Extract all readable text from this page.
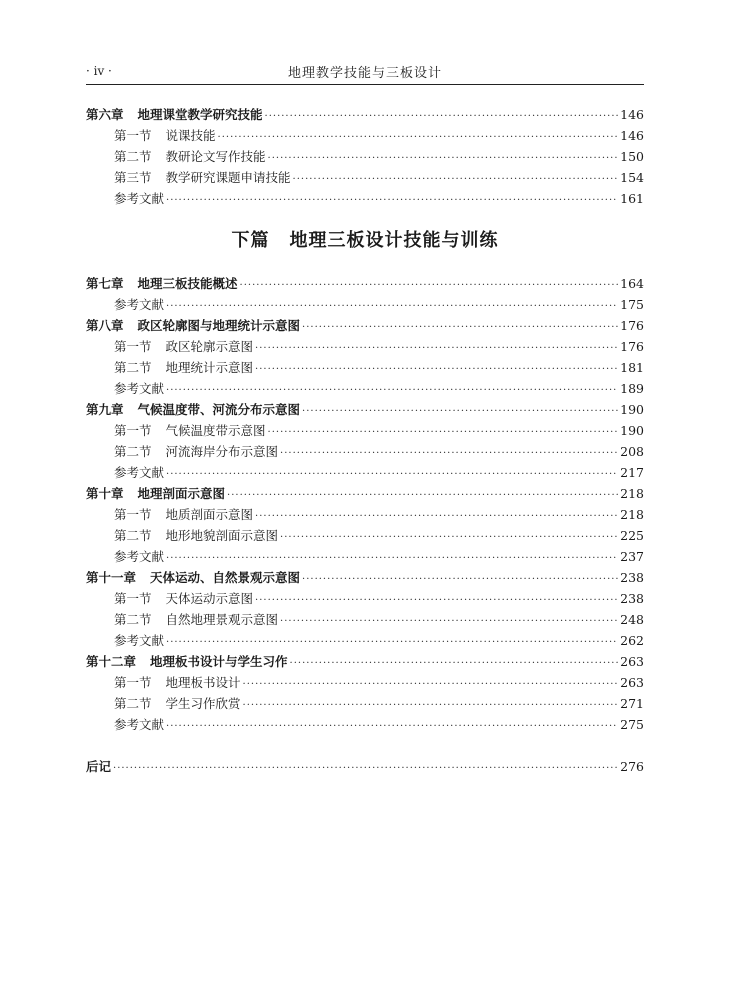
· iv ·	地理教学技能与三板设计
第六章 地理课堂教学研究技能 ·····	146
第一节 说课技能 ·····	146
第二节 教研论文写作技能 ·····	150
第三节 教学研究课题申请技能 ·····	154
参考文献 ·····	161
下篇 地理三板设计技能与训练
第七章 地理三板技能概述 ·····	164
参考文献 ·····	175
第八章 政区轮廓图与地理统计示意图 ·····	176
第一节 政区轮廓示意图 ·····	176
第二节 地理统计示意图 ·····	181
参考文献 ·····	189
第九章 气候温度带、河流分布示意图 ·····	190
第一节 气候温度带示意图 ·····	190
第二节 河流海岸分布示意图 ·····	208
参考文献 ·····	217
第十章 地理剖面示意图 ·····	218
第一节 地质剖面示意图 ·····	218
第二节 地形地貌剖面示意图 ·····	225
参考文献 ·····	237
第十一章 天体运动、自然景观示意图 ·····	238
第一节 天体运动示意图 ·····	238
第二节 自然地理景观示意图 ·····	248
参考文献 ·····	262
第十二章 地理板书设计与学生习作 ·····	263
第一节 地理板书设计 ·····	263
第二节 学生习作欣赏 ·····	271
参考文献 ·····	275
后记 ·····	276
